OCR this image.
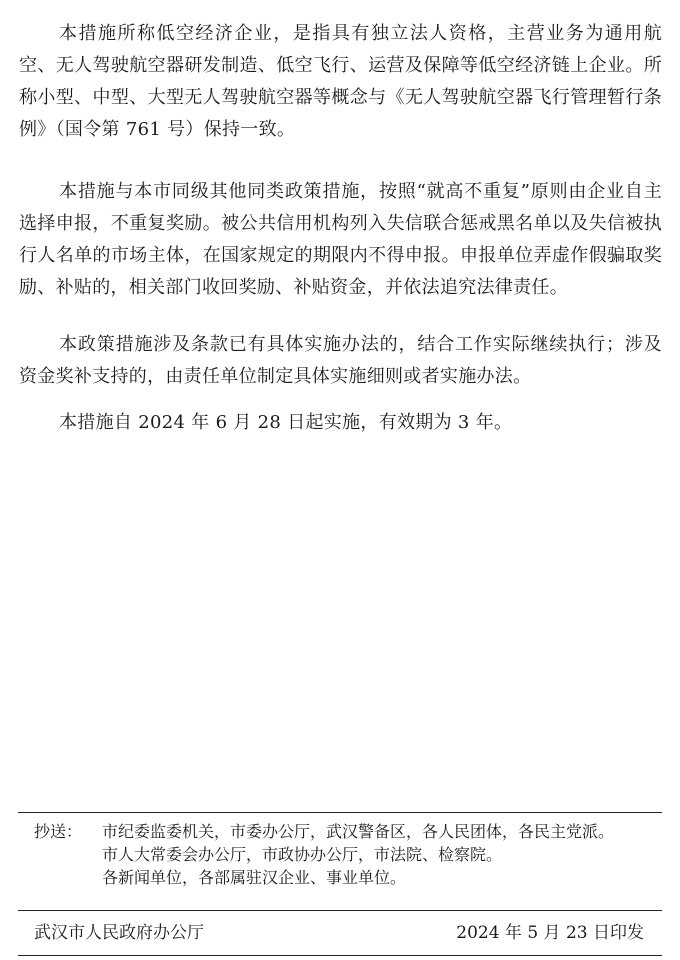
本措施所称低空经济企业，是指具有独立法人资格，主营业务为通用航空、无人驾驶航空器研发制造、低空飞行、运营及保障等低空经济链上企业。所称小型、中型、大型无人驾驶航空器等概念与《无人驾驶航空器飞行管理暂行条例》（国令第 761 号）保持一致。

本措施与本市同级其他同类政策措施，按照“就高不重复”原则由企业自主选择申报，不重复奖励。被公共信用机构列入失信联合惩戒黑名单以及失信被执行人名单的市场主体，在国家规定的期限内不得申报。申报单位弄虚作假骗取奖励、补贴的，相关部门收回奖励、补贴资金，并依法追究法律责任。

本政策措施涉及条款已有具体实施办法的，结合工作实际继续执行；涉及资金奖补支持的，由责任单位制定具体实施细则或者实施办法。

本措施自 2024 年 6 月 28 日起实施，有效期为 3 年。

抄送：	市纪委监委机关，市委办公厅，武汉警备区，各人民团体，各民主党派。
市人大常委会办公厅，市政协办公厅，市法院、检察院。
各新闻单位，各部属驻汉企业、事业单位。
武汉市人民政府办公厅	2024 年 5 月 23 日印发
